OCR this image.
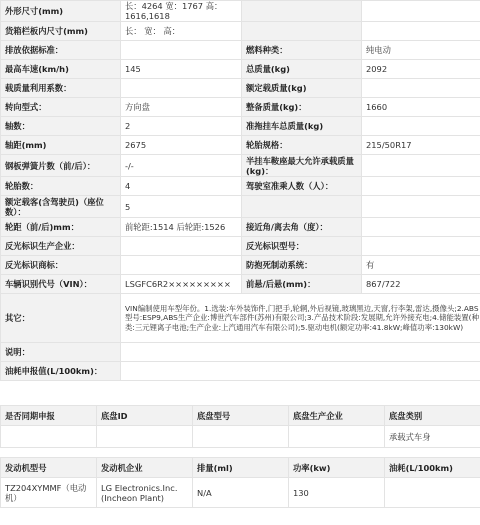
外形尺寸(mm)	长：4264 宽：1767 高：1616,1618		
货箱栏板内尺寸(mm)	长： 宽： 高：		
排放依据标准：		燃料种类：	纯电动
最高车速(km/h)	145	总质量(kg)	2092
载质量利用系数：		额定载质量(kg)	
转向型式：	方向盘	整备质量(kg)：	1660
轴数：	2	准拖挂车总质量(kg)	
轴距(mm)	2675	轮胎规格：	215/50R17
钢板弹簧片数（前/后）：	-/-	半挂车鞍座最大允许承载质量(kg)：	
轮胎数：	4	驾驶室准乘人数（人）：	
额定载客(含驾驶员)（座位数）：	5		
轮距（前/后)mm：	前轮距:1514 后轮距:1526	接近角/离去角（度）：	
反光标识生产企业：		反光标识型号：	
反光标识商标：		防抱死制动系统：	有
车辆识别代号（VIN）：	LSGFC6R2×××××××××	前悬/后悬(mm)：	867/722
其它：	VIN编制使用车型年份。1.选装:车外装饰件,门把手,轮辋,外后视镜,玻璃黑边,天窗,行李架,雷达,摄像头;2.ABS型号:ESP9,ABS生产企业:博世汽车部件(苏州)有限公司;3.产品技术阶段:发展期,允许外接充电;4.储能装置(种类:三元锂离子电池;生产企业:上汽通用汽车有限公司);5.驱动电机(额定功率:41.8kW;峰值功率:130kW)		

说明：			
油耗申报值(L/100km)：			
是否同期申报	底盘ID	底盘型号	底盘生产企业	底盘类别
				承载式车身
发动机型号	发动机企业	排量(ml)	功率(kw)	油耗(L/100km)
TZ204XYMMF（电动机）	LG Electronics.Inc.(Incheon Plant)	N/A	130	
